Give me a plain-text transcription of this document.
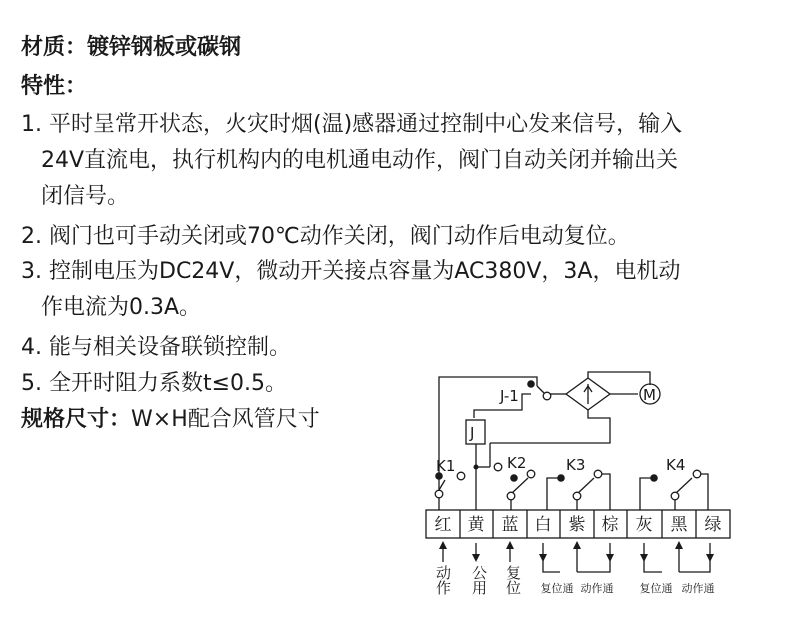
材质：镀锌钢板或碳钢
特性：
1. 平时呈常开状态，火灾时烟(温)感器通过控制中心发来信号，输入
24V直流电，执行机构内的电机通电动作，阀门自动关闭并输出关
闭信号。
2. 阀门也可手动关闭或70℃动作关闭，阀门动作后电动复位。
3. 控制电压为DC24V，微动开关接点容量为AC380V，3A，电机动
作电流为0.3A。
4. 能与相关设备联锁控制。
5. 全开时阻力系数t≤0.5。
规格尺寸：W×H配合风管尺寸
J-1
J
M
K1	K2	K3	K4
红 黄 蓝 白 紫 棕 灰 黑 绿
动作 公用 复位 复位通 动作通 复位通 动作通
